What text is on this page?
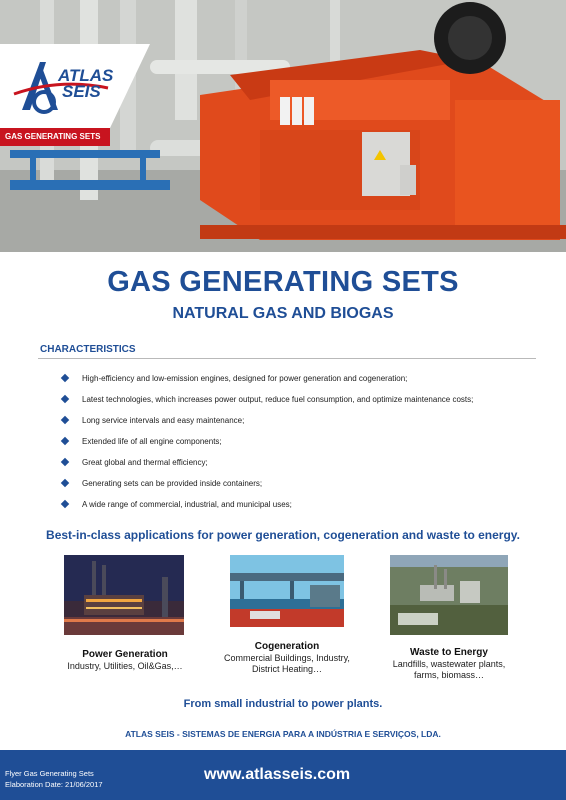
ATLAS
SEIS
GAS GENERATING SETS
GAS GENERATING SETS
NATURAL GAS AND BIOGAS
CHARACTERISTICS
High-efficiency and low-emission engines, designed for power generation and cogeneration;
Latest technologies, which increases power output, reduce fuel consumption, and optimize maintenance costs;
Long service intervals and easy maintenance;
Extended life of all engine components;
Great global and thermal efficiency;
Generating sets can be provided inside containers;
A wide range of commercial, industrial, and municipal uses;
Best-in-class applications for power generation, cogeneration and waste to energy.
Power Generation
Industry, Utilities, Oil&Gas,…
Cogeneration
Commercial Buildings, Industry,
District Heating…
Waste to Energy
Landfills, wastewater plants,
farms, biomass…
From small industrial to power plants.
ATLAS SEIS - SISTEMAS DE ENERGIA PARA A INDÚSTRIA E SERVIÇOS, LDA.
Flyer Gas Generating Sets
Elaboration Date: 21/06/2017
www.atlasseis.com
